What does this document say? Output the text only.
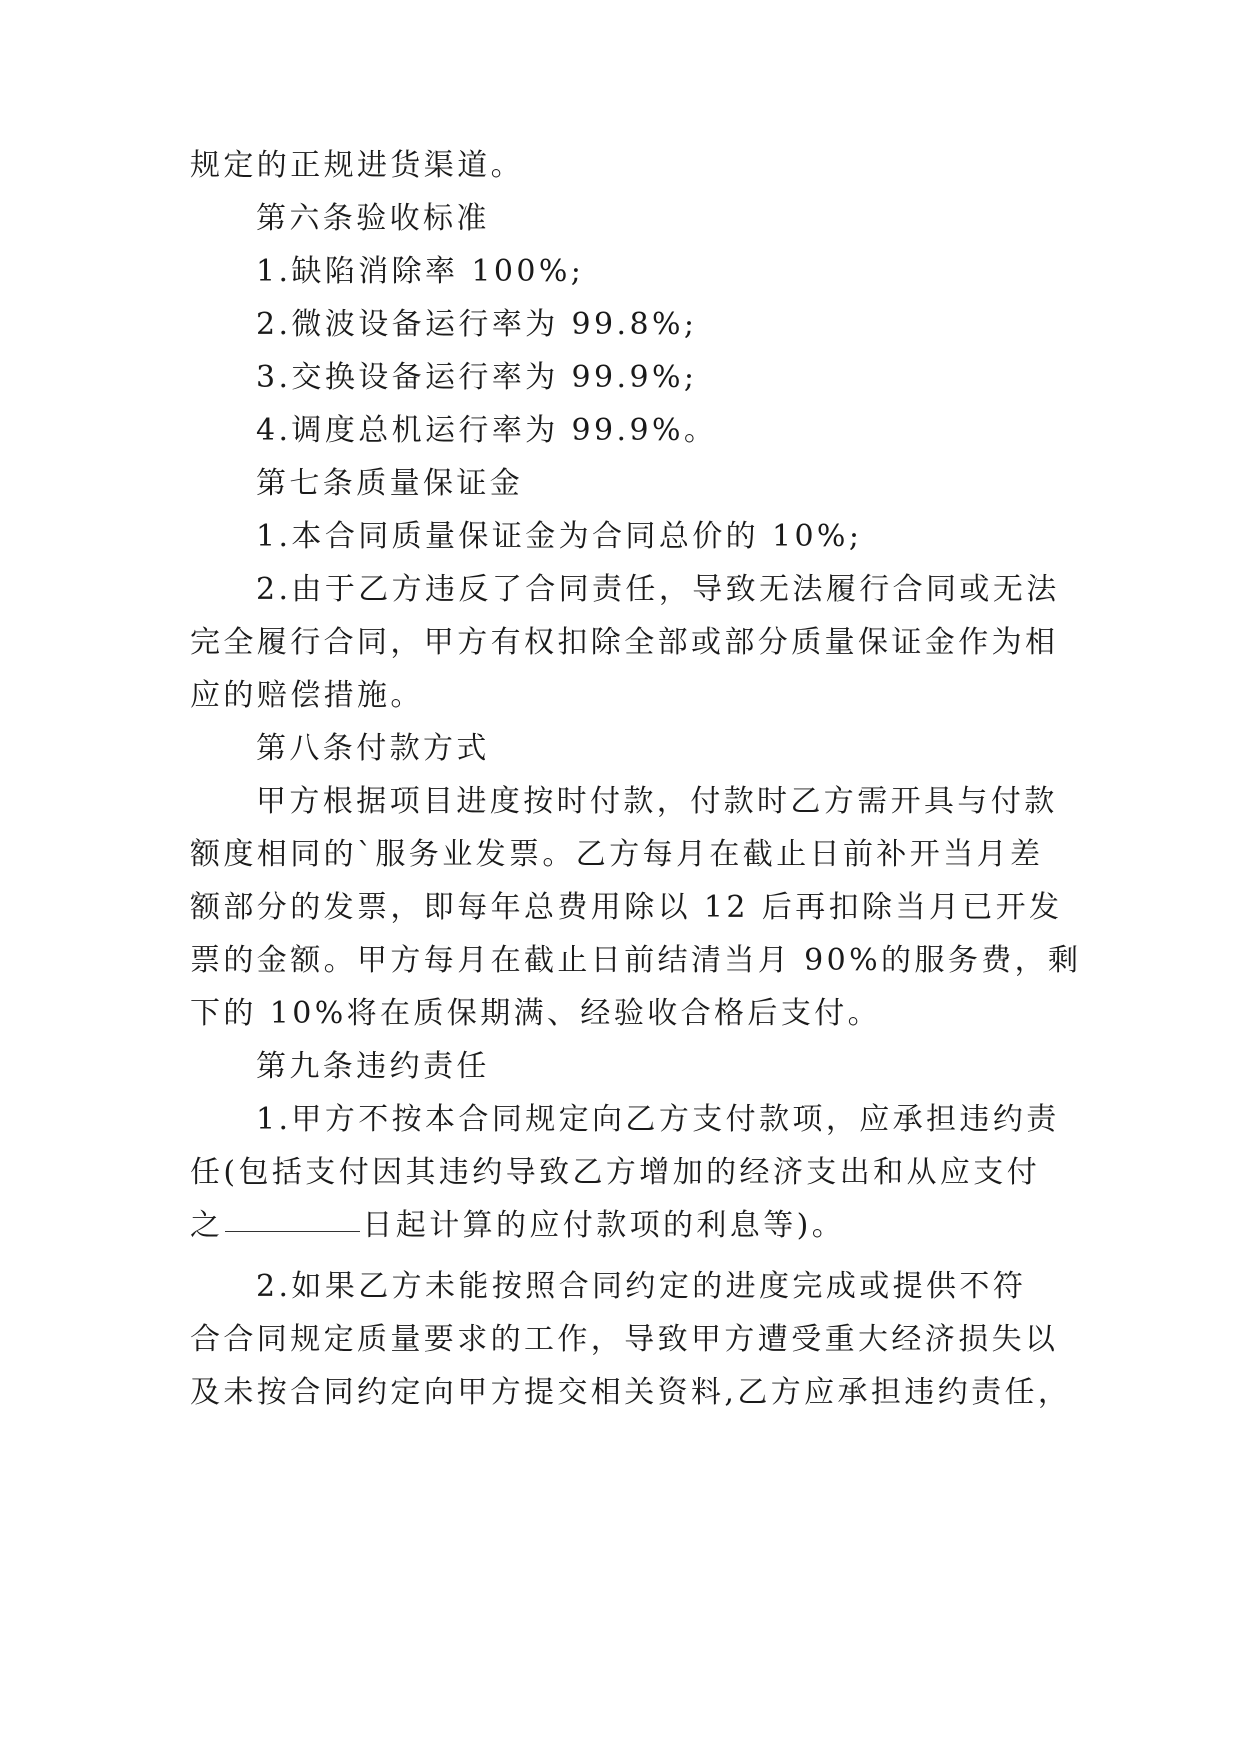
规定的正规进货渠道。
第六条验收标准
1.缺陷消除率 100%;
2.微波设备运行率为 99.8%;
3.交换设备运行率为 99.9%;
4.调度总机运行率为 99.9%。
第七条质量保证金
1.本合同质量保证金为合同总价的 10%;
2.由于乙方违反了合同责任，导致无法履行合同或无法
完全履行合同，甲方有权扣除全部或部分质量保证金作为相
应的赔偿措施。
第八条付款方式
甲方根据项目进度按时付款，付款时乙方需开具与付款
额度相同的`服务业发票。乙方每月在截止日前补开当月差
额部分的发票，即每年总费用除以 12 后再扣除当月已开发
票的金额。甲方每月在截止日前结清当月 90%的服务费，剩
下的 10%将在质保期满、经验收合格后支付。
第九条违约责任
1.甲方不按本合同规定向乙方支付款项，应承担违约责
任(包括支付因其违约导致乙方增加的经济支出和从应支付
之	日起计算的应付款项的利息等)。
2.如果乙方未能按照合同约定的进度完成或提供不符
合合同规定质量要求的工作，导致甲方遭受重大经济损失以
及未按合同约定向甲方提交相关资料,乙方应承担违约责任，
